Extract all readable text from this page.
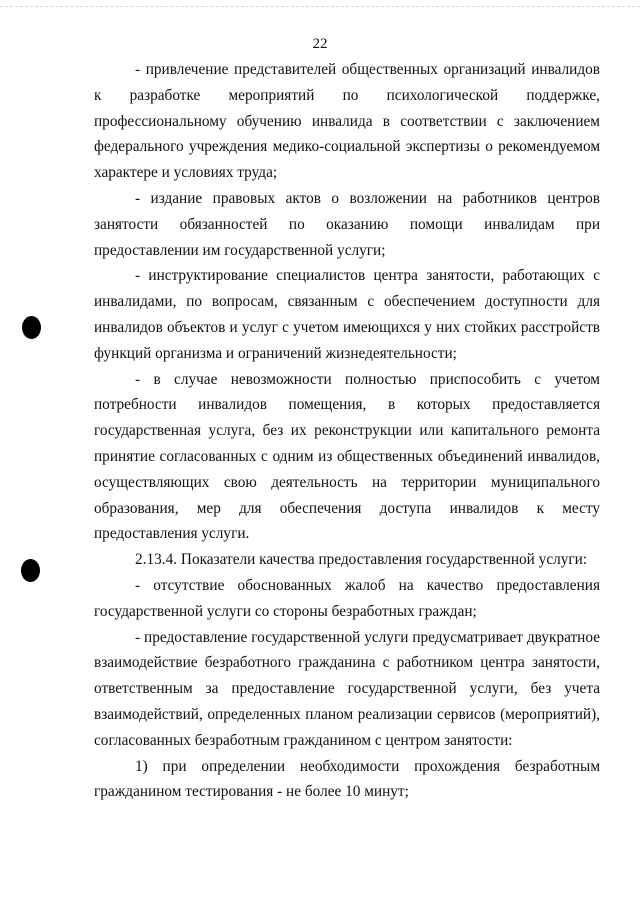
22

- привлечение представителей общественных организаций инвалидов к разработке мероприятий по психологической поддержке, профессиональному обучению инвалида в соответствии с заключением федерального учреждения медико-социальной экспертизы о рекомендуемом характере и условиях труда;

- издание правовых актов о возложении на работников центров занятости обязанностей по оказанию помощи инвалидам при предоставлении им государственной услуги;

- инструктирование специалистов центра занятости, работающих с инвалидами, по вопросам, связанным с обеспечением доступности для инвалидов объектов и услуг с учетом имеющихся у них стойких расстройств функций организма и ограничений жизнедеятельности;

- в случае невозможности полностью приспособить с учетом потребности инвалидов помещения, в которых предоставляется государственная услуга, без их реконструкции или капитального ремонта принятие согласованных с одним из общественных объединений инвалидов, осуществляющих свою деятельность на территории муниципального образования, мер для обеспечения доступа инвалидов к месту предоставления услуги.

2.13.4. Показатели качества предоставления государственной услуги:

- отсутствие обоснованных жалоб на качество предоставления государственной услуги со стороны безработных граждан;

- предоставление государственной услуги предусматривает двукратное взаимодействие безработного гражданина с работником центра занятости, ответственным за предоставление государственной услуги, без учета взаимодействий, определенных планом реализации сервисов (мероприятий), согласованных безработным гражданином с центром занятости:

1) при определении необходимости прохождения безработным гражданином тестирования - не более 10 минут;
